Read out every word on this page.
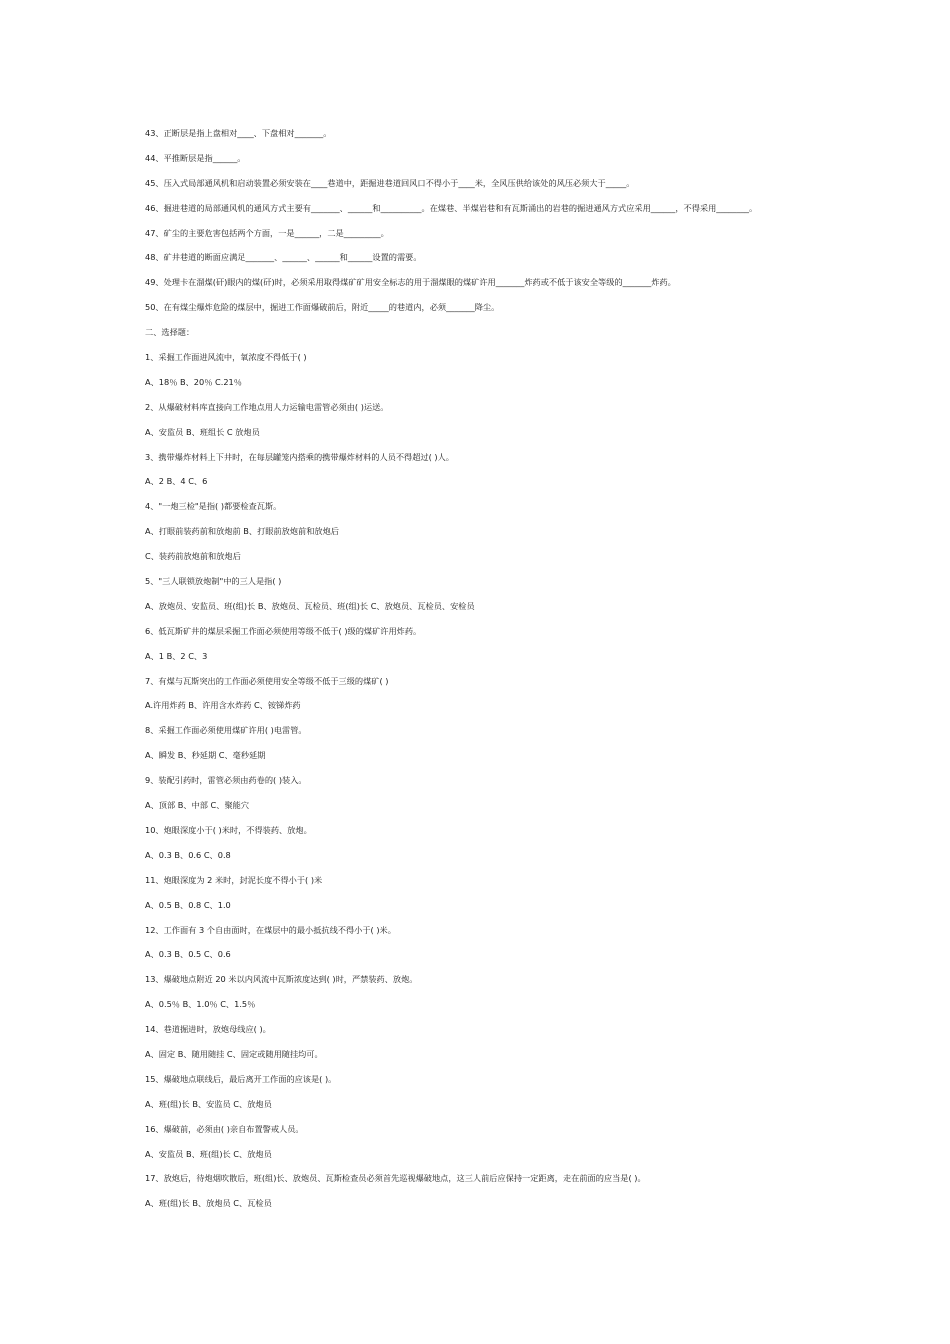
43、正断层是指上盘相对____、下盘相对_______。
44、平推断层是指______。
45、压入式局部通风机和启动装置必须安装在____巷道中，距掘进巷道回风口不得小于____米，全风压供给该处的风压必须大于_____。
46、掘进巷道的局部通风机的通风方式主要有_______、______和__________。在煤巷、半煤岩巷和有瓦斯涌出的岩巷的掘进通风方式应采用______，不得采用________。
47、矿尘的主要危害包括两个方面，一是______，二是_________。
48、矿井巷道的断面应满足_______、______、______和______设置的需要。
49、处理卡在溜煤(矸)眼内的煤(矸)时，必须采用取得煤矿矿用安全标志的用于溜煤眼的煤矿许用_______炸药或不低于该安全等级的_______炸药。
50、在有煤尘爆炸危险的煤层中，掘进工作面爆破前后，附近_____的巷道内，必须_______降尘。
二、选择题：
1、采掘工作面进风流中，氧浓度不得低于( )
A、18％ B、20％ C.21％
2、从爆破材料库直接向工作地点用人力运输电雷管必须由( )运送。
A、安监员 B、班组长 C 放炮员
3、携带爆炸材料上下井时，在每层罐笼内搭乘的携带爆炸材料的人员不得超过( )人。
A、2 B、4 C、6
4、"一炮三检"是指( )都要检查瓦斯。
A、打眼前装药前和放炮前 B、打眼前放炮前和放炮后
C、装药前放炮前和放炮后
5、"三人联锁放炮制"中的三人是指( )
A、放炮员、安监员、班(组)长 B、放炮员、瓦检员、班(组)长 C、放炮员、瓦检员、安检员
6、低瓦斯矿井的煤层采掘工作面必须使用等级不低于( )级的煤矿许用炸药。
A、1 B、2 C、3
7、有煤与瓦斯突出的工作面必须使用安全等级不低于三级的煤矿( )
A.许用炸药 B、许用含水炸药 C、铵锑炸药
8、采掘工作面必须使用煤矿许用( )电雷管。
A、瞬发 B、秒延期 C、毫秒延期
9、装配引药时，雷管必须由药卷的( )装入。
A、顶部 B、中部 C、聚能穴
10、炮眼深度小于( )米时，不得装药、放炮。
A、0.3 B、0.6 C、0.8
11、炮眼深度为 2 米时，封泥长度不得小于( )米
A、0.5 B、0.8 C、1.0
12、工作面有 3 个自由面时，在煤层中的最小抵抗线不得小于( )米。
A、0.3 B、0.5 C、0.6
13、爆破地点附近 20 米以内风流中瓦斯浓度达到( )时，严禁装药、放炮。
A、0.5％ B、1.0％ C、1.5％
14、巷道掘进时，放炮母线应( )。
A、固定 B、随用随挂 C、固定或随用随挂均可。
15、爆破地点联线后，最后离开工作面的应该是( )。
A、班(组)长 B、安监员 C、放炮员
16、爆破前，必须由( )亲自布置警戒人员。
A、安监员 B、班(组)长 C、放炮员
17、放炮后，待炮烟吹散后，班(组)长、放炮员、瓦斯检查员必须首先巡视爆破地点，这三人前后应保持一定距离，走在前面的应当是( )。
A、班(组)长 B、放炮员 C、瓦检员
